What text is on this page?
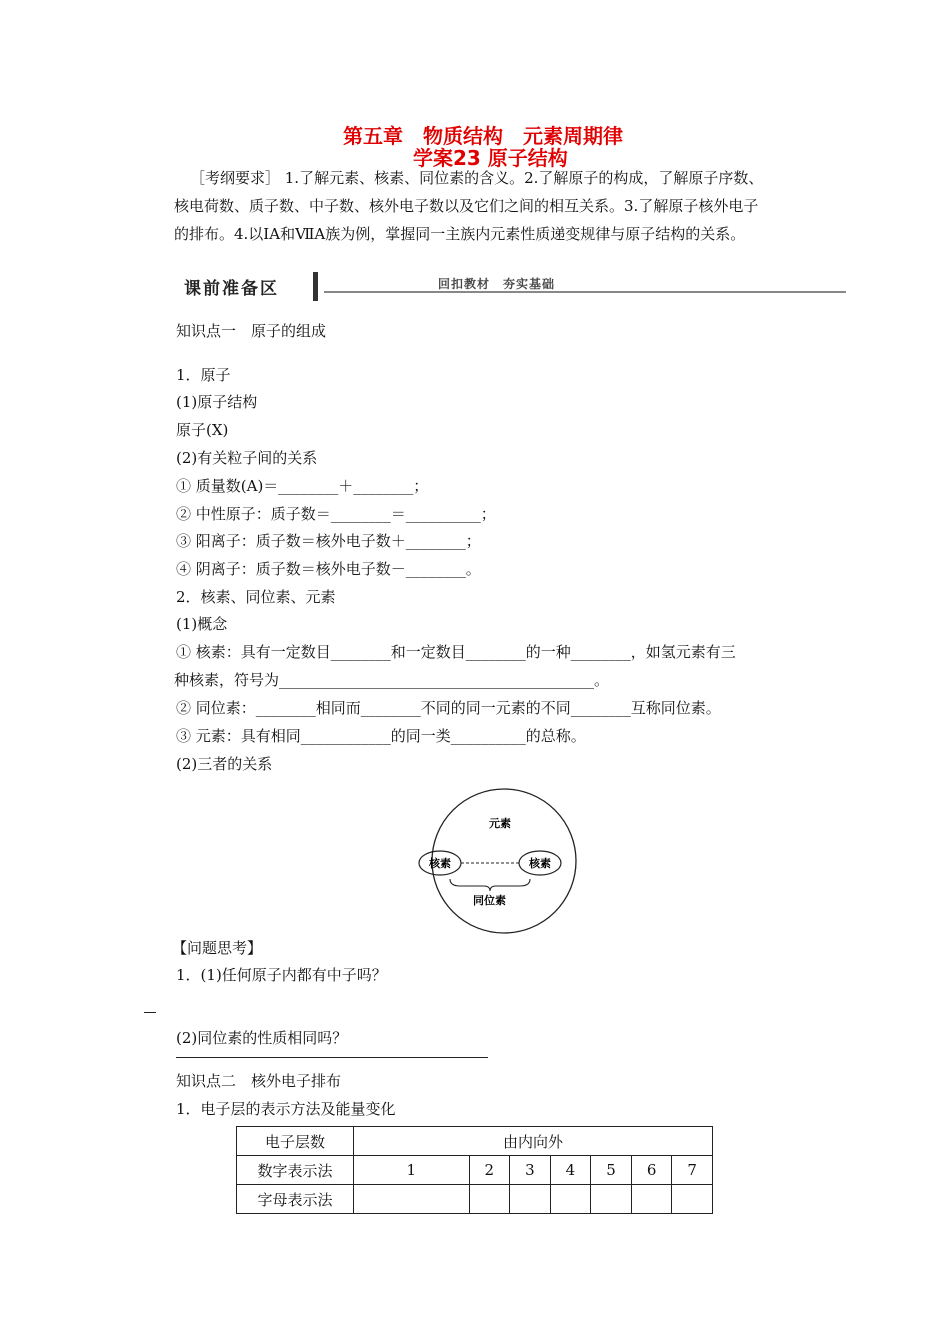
第五章　物质结构　元素周期律
学案23 原子结构
［考纲要求］ 1.了解元素、核素、同位素的含义。2.了解原子的构成，了解原子序数、
核电荷数、质子数、中子数、核外电子数以及它们之间的相互关系。3.了解原子核外电子
的排布。4.以ⅠA和ⅦA族为例，掌握同一主族内元素性质递变规律与原子结构的关系。
课前准备区	回扣教材　夯实基础
知识点一　原子的组成
1．原子
(1)原子结构
原子(X)
(2)有关粒子间的关系
① 质量数(A)＝________＋________；
② 中性原子：质子数＝________＝__________；
③ 阳离子：质子数＝核外电子数＋________；
④ 阴离子：质子数＝核外电子数－________。
2．核素、同位素、元素
(1)概念
① 核素：具有一定数目________和一定数目________的一种________，如氢元素有三
种核素，符号为__________________________________________。
② 同位素：________相同而________不同的同一元素的不同________互称同位素。
③ 元素：具有相同____________的同一类__________的总称。
(2)三者的关系
元素
核素	核素
同位素
【问题思考】
1．(1)任何原子内都有中子吗？
(2)同位素的性质相同吗？
知识点二　核外电子排布
1．电子层的表示方法及能量变化
电子层数	由内向外						
数字表示法	1	2	3	4	5	6	7
字母表示法							
